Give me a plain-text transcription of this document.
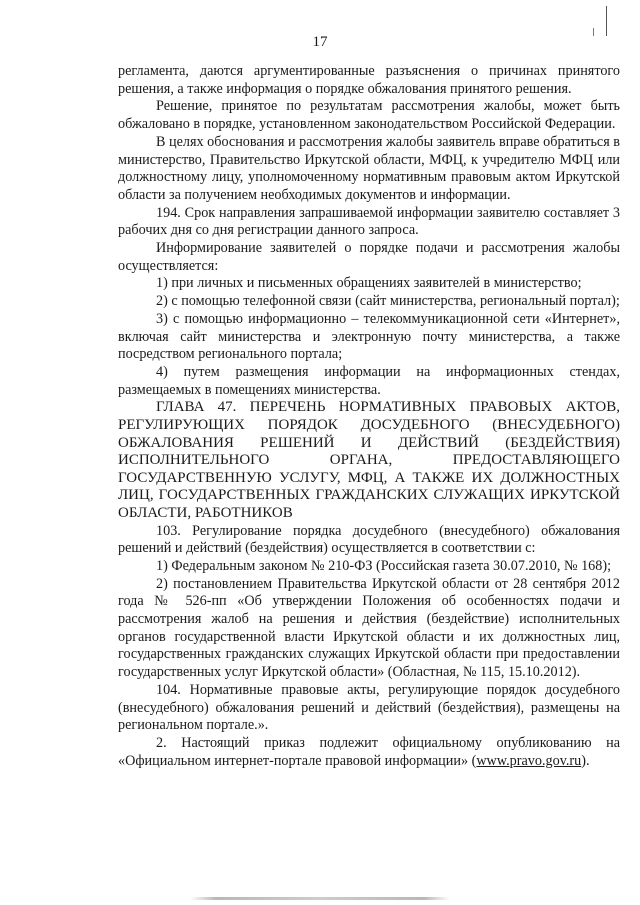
17

регламента, даются аргументированные разъяснения о причинах принятого решения, а также информация о порядке обжалования принятого решения.

Решение, принятое по результатам рассмотрения жалобы, может быть обжаловано в порядке, установленном законодательством Российской Федерации.

В целях обоснования и рассмотрения жалобы заявитель вправе обратиться в министерство, Правительство Иркутской области, МФЦ, к учредителю МФЦ или должностному лицу, уполномоченному нормативным правовым актом Иркутской области за получением необходимых документов и информации.

194. Срок направления запрашиваемой информации заявителю составляет 3 рабочих дня со дня регистрации данного запроса.

Информирование заявителей о порядке подачи и рассмотрения жалобы осуществляется:

1) при личных и письменных обращениях заявителей в министерство;

2) с помощью телефонной связи (сайт министерства, региональный портал);

3) с помощью информационно – телекоммуникационной сети «Интернет», включая сайт министерства и электронную почту министерства, а также посредством регионального портала;

4) путем размещения информации на информационных стендах, размещаемых в помещениях министерства.

ГЛАВА 47. ПЕРЕЧЕНЬ НОРМАТИВНЫХ ПРАВОВЫХ АКТОВ, РЕГУЛИРУЮЩИХ ПОРЯДОК ДОСУДЕБНОГО (ВНЕСУДЕБНОГО) ОБЖАЛОВАНИЯ РЕШЕНИЙ И ДЕЙСТВИЙ (БЕЗДЕЙСТВИЯ) ИСПОЛНИТЕЛЬНОГО ОРГАНА, ПРЕДОСТАВЛЯЮЩЕГО ГОСУДАРСТВЕННУЮ УСЛУГУ, МФЦ, А ТАКЖЕ ИХ ДОЛЖНОСТНЫХ ЛИЦ, ГОСУДАРСТВЕННЫХ ГРАЖДАНСКИХ СЛУЖАЩИХ ИРКУТСКОЙ ОБЛАСТИ, РАБОТНИКОВ

103. Регулирование порядка досудебного (внесудебного) обжалования решений и действий (бездействия) осуществляется в соответствии с:

1) Федеральным законом № 210-ФЗ (Российская газета 30.07.2010, № 168);

2) постановлением Правительства Иркутской области от 28 сентября 2012 года № 526-пп «Об утверждении Положения об особенностях подачи и рассмотрения жалоб на решения и действия (бездействие) исполнительных органов государственной власти Иркутской области и их должностных лиц, государственных гражданских служащих Иркутской области при предоставлении государственных услуг Иркутской области» (Областная, № 115, 15.10.2012).

104. Нормативные правовые акты, регулирующие порядок досудебного (внесудебного) обжалования решений и действий (бездействия), размещены на региональном портале.».

2. Настоящий приказ подлежит официальному опубликованию на «Официальном интернет-портале правовой информации» (www.pravo.gov.ru).
